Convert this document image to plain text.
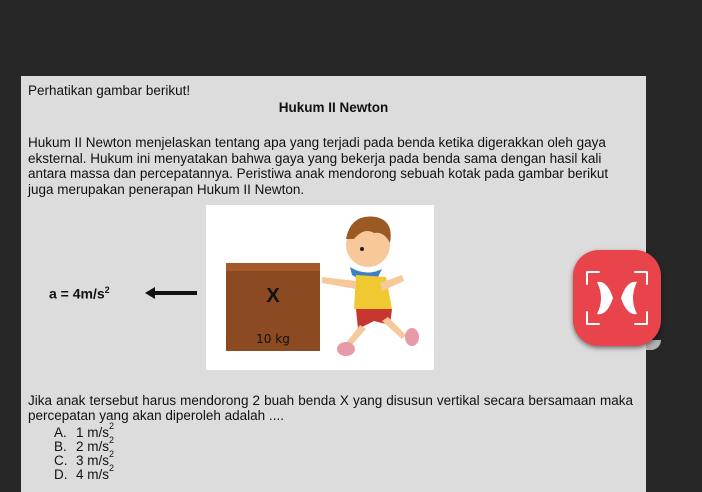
Perhatikan gambar berikut!
Hukum II Newton
Hukum II Newton menjelaskan tentang apa yang terjadi pada benda ketika digerakkan oleh gaya eksternal. Hukum ini menyatakan bahwa gaya yang bekerja pada benda sama dengan hasil kali antara massa dan percepatannya. Peristiwa anak mendorong sebuah kotak pada gambar berikut juga merupakan penerapan Hukum II Newton.
$a = 4m/s^2$	X
10 kg
Jika anak tersebut harus mendorong 2 buah benda X yang disusun vertikal secara bersamaan maka percepatan yang akan diperoleh adalah ....
A. 1 m/s 2
B. 2 m/s 2
C. 3 m/s 2
D. 4 m/s 2
